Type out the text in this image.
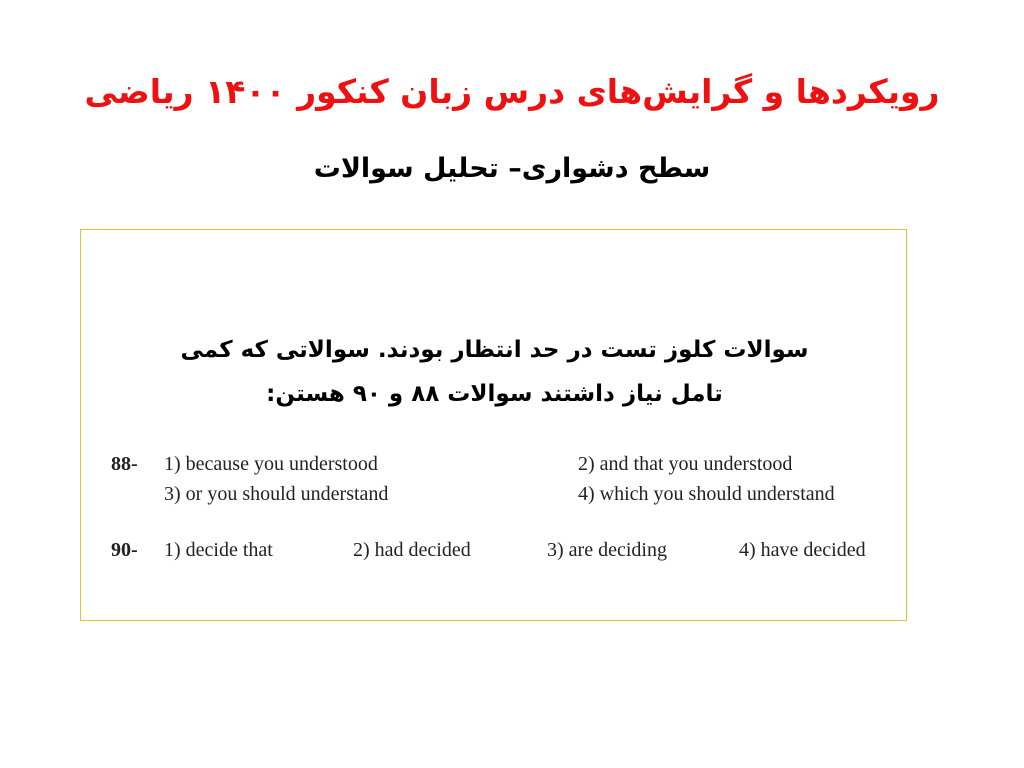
رویکردها و گرایش‌های درس زبان کنکور ۱۴۰۰ ریاضی
سطح دشواری– تحلیل سوالات
سوالات کلوز تست در حد انتظار بودند. سوالاتی که کمی
تامل نیاز داشتند سوالات ۸۸ و ۹۰ هستن:
88- 1) because you understood	2) and that you understood
3) or you should understand	4) which you should understand
90- 1) decide that	2) had decided	3) are deciding	4) have decided
